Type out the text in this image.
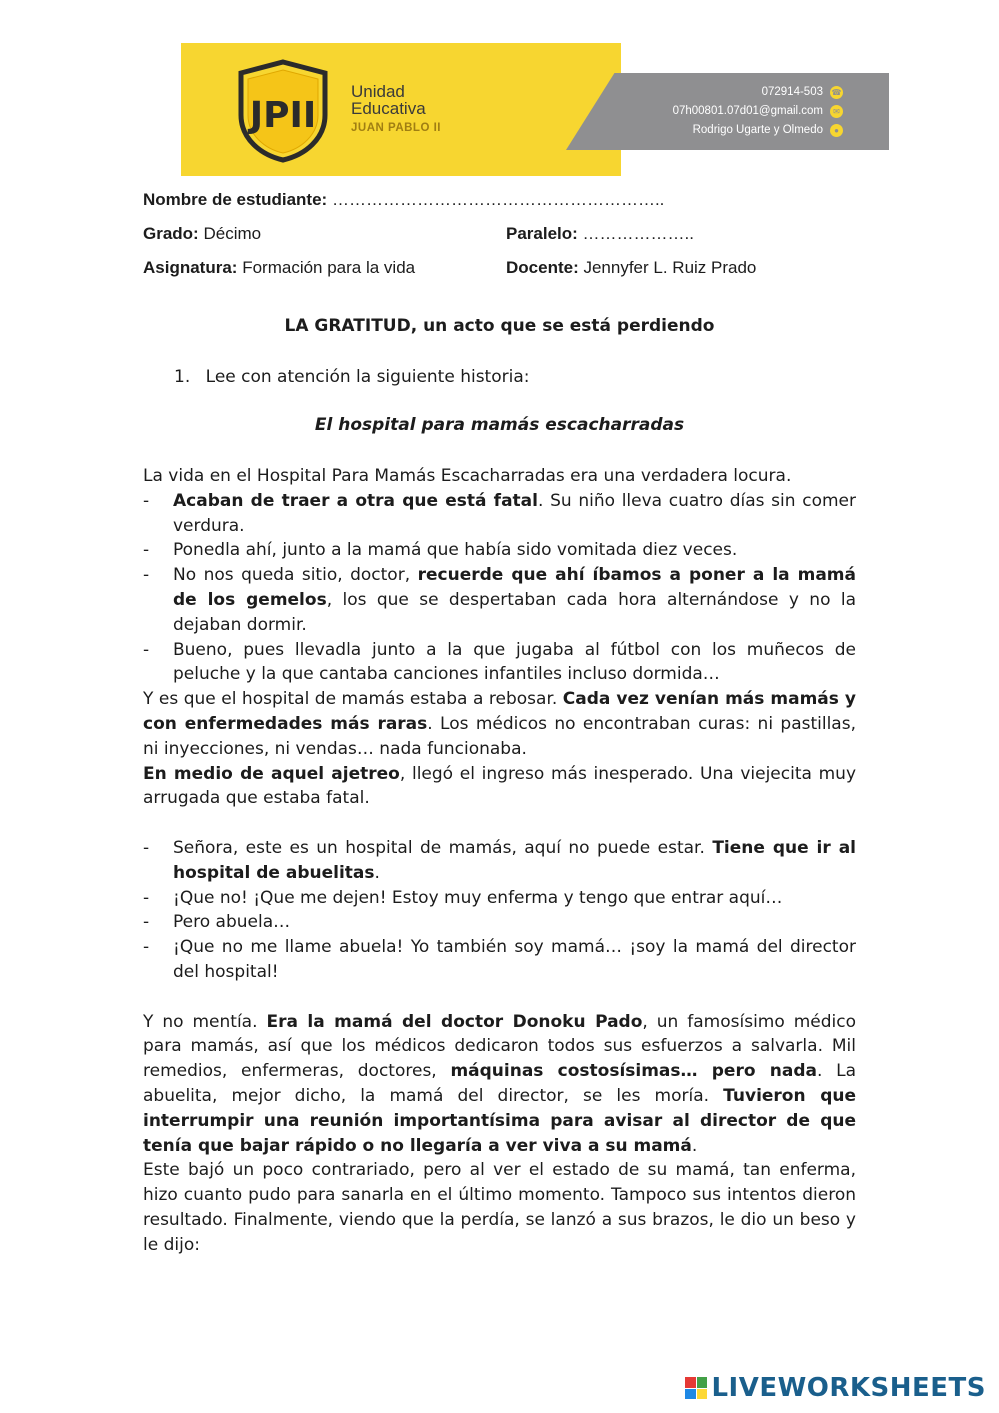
JPII
Unidad
Educativa
JUAN PABLO II
072914-503 ☎
07h00801.07d01@gmail.com	✉
Rodrigo Ugarte y Olmedo	●
Nombre de estudiante: …………………………………………………..
Grado: Décimo	Paralelo: ………………..
Asignatura: Formación para la vida	Docente: Jennyfer L. Ruiz Prado
LA GRATITUD, un acto que se está perdiendo
1. Lee con atención la siguiente historia:
El hospital para mamás escacharradas

La vida en el Hospital Para Mamás Escacharradas era una verdadera locura.

- Acaban de traer a otra que está fatal. Su niño lleva cuatro días sin comer verdura.
- Ponedla ahí, junto a la mamá que había sido vomitada diez veces.
- No nos queda sitio, doctor, recuerde que ahí íbamos a poner a la mamá de los gemelos, los que se despertaban cada hora alternándose y no la dejaban dormir.
- Bueno, pues llevadla junto a la que jugaba al fútbol con los muñecos de peluche y la que cantaba canciones infantiles incluso dormida…

Y es que el hospital de mamás estaba a rebosar. Cada vez venían más mamás y con enfermedades más raras. Los médicos no encontraban curas: ni pastillas, ni inyecciones, ni vendas… nada funcionaba.

En medio de aquel ajetreo, llegó el ingreso más inesperado. Una viejecita muy arrugada que estaba fatal.

- Señora, este es un hospital de mamás, aquí no puede estar. Tiene que ir al hospital de abuelitas.
- ¡Que no! ¡Que me dejen! Estoy muy enferma y tengo que entrar aquí…
- Pero abuela…
- ¡Que no me llame abuela! Yo también soy mamá… ¡soy la mamá del director del hospital!

Y no mentía. Era la mamá del doctor Donoku Pado, un famosísimo médico para mamás, así que los médicos dedicaron todos sus esfuerzos a salvarla. Mil remedios, enfermeras, doctores, máquinas costosísimas… pero nada. La abuelita, mejor dicho, la mamá del director, se les moría. Tuvieron que interrumpir una reunión importantísima para avisar al director de que tenía que bajar rápido o no llegaría a ver viva a su mamá.

Este bajó un poco contrariado, pero al ver el estado de su mamá, tan enferma, hizo cuanto pudo para sanarla en el último momento. Tampoco sus intentos dieron resultado. Finalmente, viendo que la perdía, se lanzó a sus brazos, le dio un beso y le dijo:

LIVEWORKSHEETS
